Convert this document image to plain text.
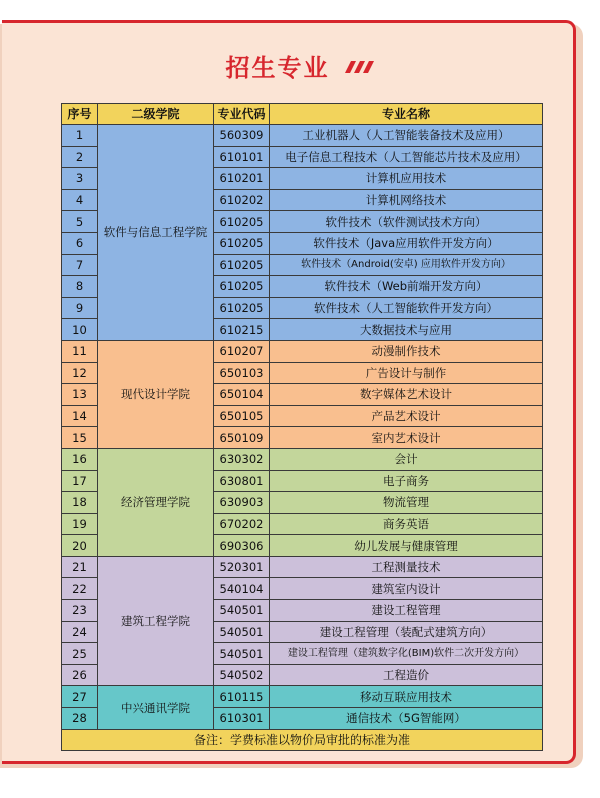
招生专业
序号	二级学院	专业代码	专业名称
1	软件与信息工程学院	560309	工业机器人（人工智能装备技术及应用）
2		610101	电子信息工程技术（人工智能芯片技术及应用）
3		610201	计算机应用技术
4		610202	计算机网络技术
5		610205	软件技术（软件测试技术方向）
6		610205	软件技术（Java应用软件开发方向）
7		610205	软件技术（Android(安卓) 应用软件开发方向）
8		610205	软件技术（Web前端开发方向）
9		610205	软件技术（人工智能软件开发方向）
10		610215	大数据技术与应用
11	现代设计学院	610207	动漫制作技术
12		650103	广告设计与制作
13		650104	数字媒体艺术设计
14		650105	产品艺术设计
15		650109	室内艺术设计
16	经济管理学院	630302	会计
17		630801	电子商务
18		630903	物流管理
19		670202	商务英语
20		690306	幼儿发展与健康管理
21	建筑工程学院	520301	工程测量技术
22		540104	建筑室内设计
23		540501	建设工程管理
24		540501	建设工程管理（装配式建筑方向）
25		540501	建设工程管理（建筑数字化(BIM)软件二次开发方向）
26		540502	工程造价
27	中兴通讯学院	610115	移动互联应用技术
28		610301	通信技术（5G智能网）
备注：学费标准以物价局审批的标准为准			
